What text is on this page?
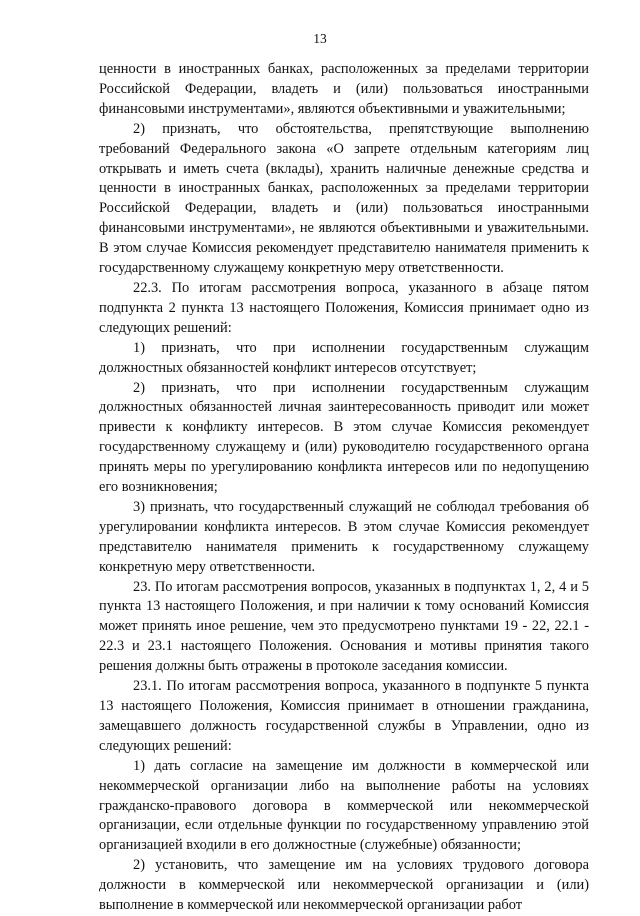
13

ценности в иностранных банках, расположенных за пределами территории Российской Федерации, владеть и (или) пользоваться иностранными финансовыми инструментами», являются объективными и уважительными;

2) признать, что обстоятельства, препятствующие выполнению требований Федерального закона «О запрете отдельным категориям лиц открывать и иметь счета (вклады), хранить наличные денежные средства и ценности в иностранных банках, расположенных за пределами территории Российской Федерации, владеть и (или) пользоваться иностранными финансовыми инструментами», не являются объективными и уважительными. В этом случае Комиссия рекомендует представителю нанимателя применить к государственному служащему конкретную меру ответственности.

22.3. По итогам рассмотрения вопроса, указанного в абзаце пятом подпункта 2 пункта 13 настоящего Положения, Комиссия принимает одно из следующих решений:

1) признать, что при исполнении государственным служащим должностных обязанностей конфликт интересов отсутствует;

2) признать, что при исполнении государственным служащим должностных обязанностей личная заинтересованность приводит или может привести к конфликту интересов. В этом случае Комиссия рекомендует государственному служащему и (или) руководителю государственного органа принять меры по урегулированию конфликта интересов или по недопущению его возникновения;

3) признать, что государственный служащий не соблюдал требования об урегулировании конфликта интересов. В этом случае Комиссия рекомендует представителю нанимателя применить к государственному служащему конкретную меру ответственности.

23. По итогам рассмотрения вопросов, указанных в подпунктах 1, 2, 4 и 5 пункта 13 настоящего Положения, и при наличии к тому оснований Комиссия может принять иное решение, чем это предусмотрено пунктами 19 - 22, 22.1 - 22.3 и 23.1 настоящего Положения. Основания и мотивы принятия такого решения должны быть отражены в протоколе заседания комиссии.

23.1. По итогам рассмотрения вопроса, указанного в подпункте 5 пункта 13 настоящего Положения, Комиссия принимает в отношении гражданина, замещавшего должность государственной службы в Управлении, одно из следующих решений:

1) дать согласие на замещение им должности в коммерческой или некоммерческой организации либо на выполнение работы на условиях гражданско-правового договора в коммерческой или некоммерческой организации, если отдельные функции по государственному управлению этой организацией входили в его должностные (служебные) обязанности;

2) установить, что замещение им на условиях трудового договора должности в коммерческой или некоммерческой организации и (или) выполнение в коммерческой или некоммерческой организации работ
